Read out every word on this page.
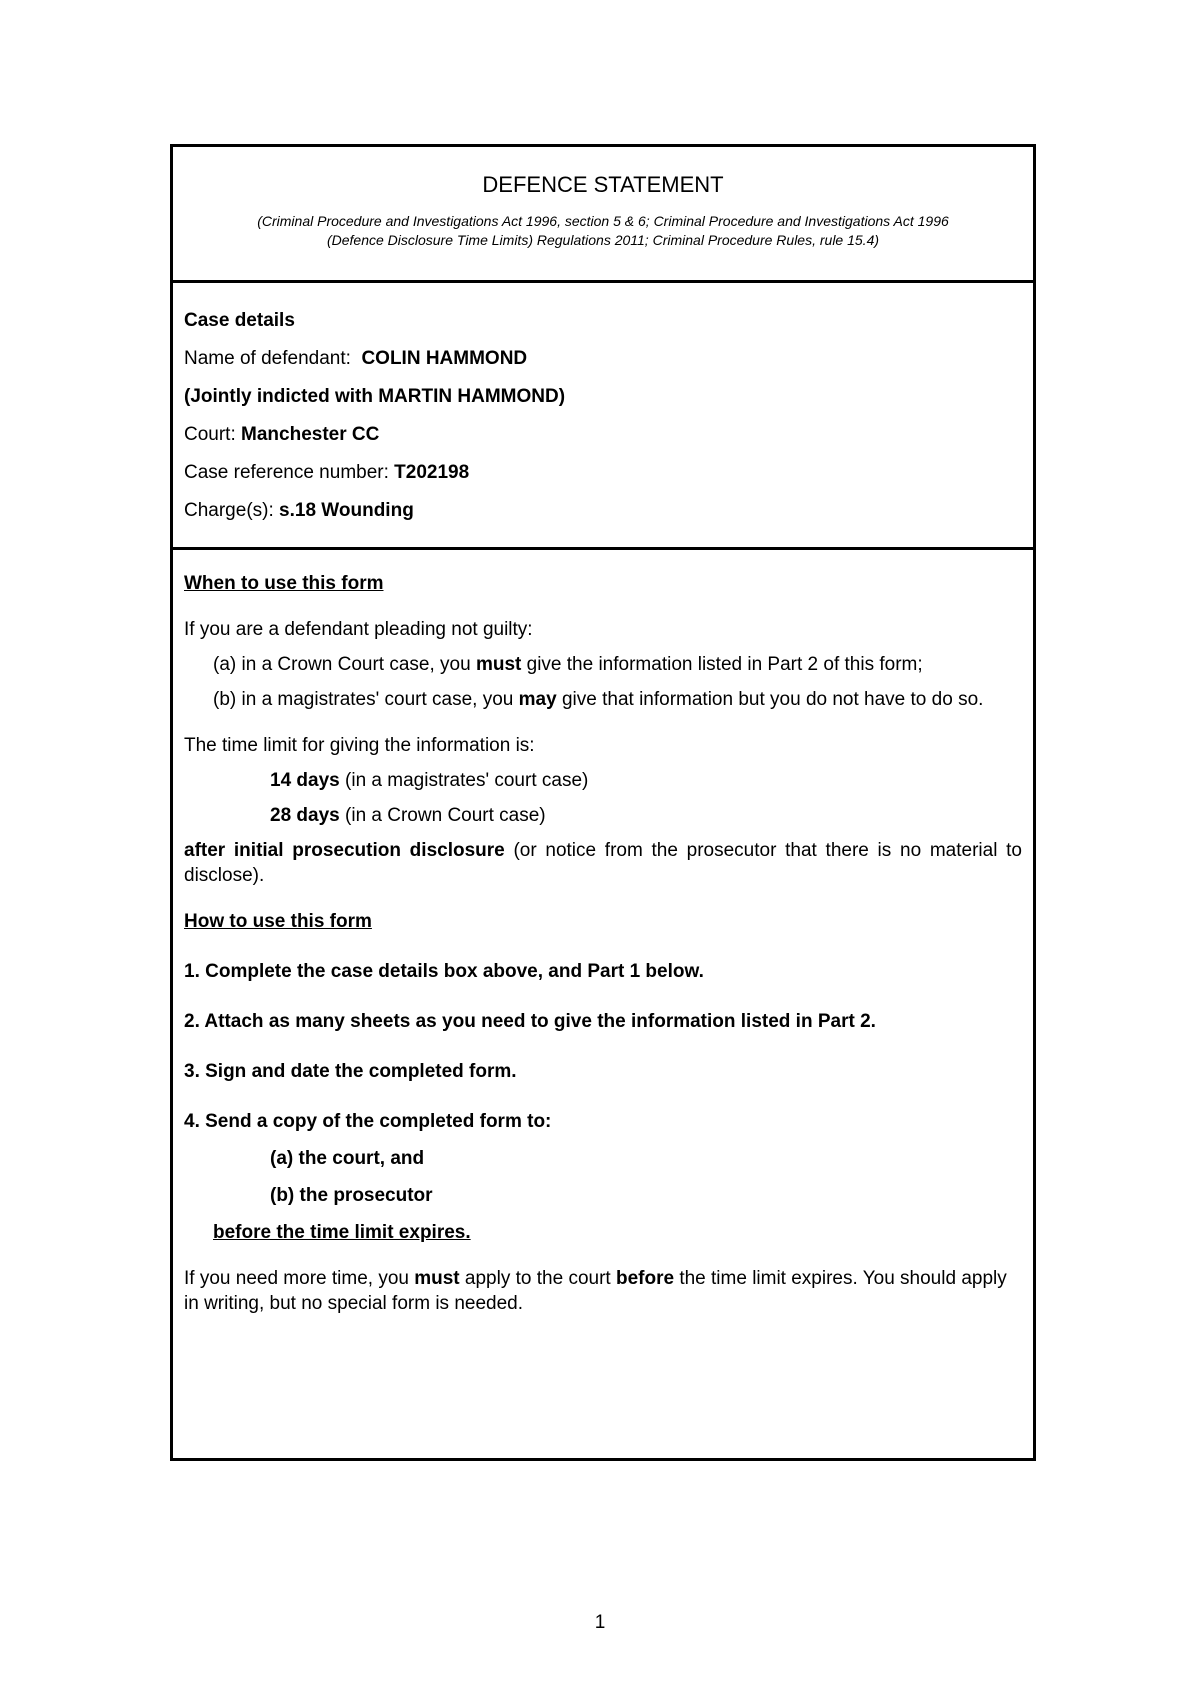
DEFENCE STATEMENT
(Criminal Procedure and Investigations Act 1996, section 5 & 6; Criminal Procedure and Investigations Act 1996
(Defence Disclosure Time Limits) Regulations 2011; Criminal Procedure Rules, rule 15.4)
Case details
Name of defendant: COLIN HAMMOND
(Jointly indicted with MARTIN HAMMOND)
Court: Manchester CC
Case reference number: T202198
Charge(s): s.18 Wounding

When to use this form

If you are a defendant pleading not guilty:

(a) in a Crown Court case, you must give the information listed in Part 2 of this form;

(b) in a magistrates' court case, you may give that information but you do not have to do so.

The time limit for giving the information is:

14 days (in a magistrates' court case)

28 days (in a Crown Court case)

after initial prosecution disclosure (or notice from the prosecutor that there is no material to disclose).

How to use this form

1. Complete the case details box above, and Part 1 below.

2. Attach as many sheets as you need to give the information listed in Part 2.

3. Sign and date the completed form.

4. Send a copy of the completed form to:

(a) the court, and

(b) the prosecutor

before the time limit expires.

If you need more time, you must apply to the court before the time limit expires. You should apply in writing, but no special form is needed.

1
